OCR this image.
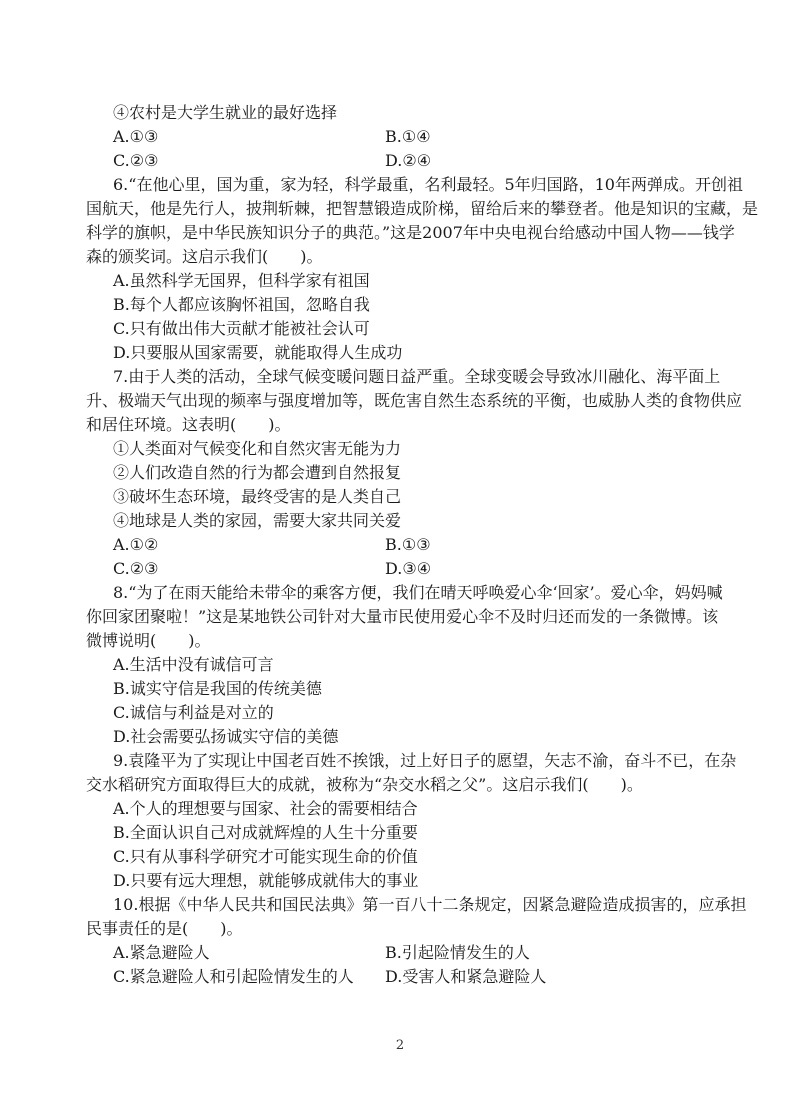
④农村是大学生就业的最好选择
A.①③	B.①④
C.②③	D.②④
6.“在他心里，国为重，家为轻，科学最重，名利最轻。5年归国路，10年两弹成。开创祖
国航天，他是先行人，披荆斩棘，把智慧锻造成阶梯，留给后来的攀登者。他是知识的宝藏，是
科学的旗帜，是中华民族知识分子的典范。”这是2007年中央电视台给感动中国人物——钱学
森的颁奖词。这启示我们(　　)。
A.虽然科学无国界，但科学家有祖国
B.每个人都应该胸怀祖国，忽略自我
C.只有做出伟大贡献才能被社会认可
D.只要服从国家需要，就能取得人生成功
7.由于人类的活动，全球气候变暖问题日益严重。全球变暖会导致冰川融化、海平面上
升、极端天气出现的频率与强度增加等，既危害自然生态系统的平衡，也威胁人类的食物供应
和居住环境。这表明(　　)。
①人类面对气候变化和自然灾害无能为力
②人们改造自然的行为都会遭到自然报复
③破坏生态环境，最终受害的是人类自己
④地球是人类的家园，需要大家共同关爱
A.①②	B.①③
C.②③	D.③④
8.“为了在雨天能给未带伞的乘客方便，我们在晴天呼唤爱心伞‘回家’。爱心伞，妈妈喊
你回家团聚啦！”这是某地铁公司针对大量市民使用爱心伞不及时归还而发的一条微博。该
微博说明(　　)。
A.生活中没有诚信可言
B.诚实守信是我国的传统美德
C.诚信与利益是对立的
D.社会需要弘扬诚实守信的美德
9.袁隆平为了实现让中国老百姓不挨饿，过上好日子的愿望，矢志不渝，奋斗不已，在杂
交水稻研究方面取得巨大的成就，被称为“杂交水稻之父”。这启示我们(　　)。
A.个人的理想要与国家、社会的需要相结合
B.全面认识自己对成就辉煌的人生十分重要
C.只有从事科学研究才可能实现生命的价值
D.只要有远大理想，就能够成就伟大的事业
10.根据《中华人民共和国民法典》第一百八十二条规定，因紧急避险造成损害的，应承担
民事责任的是(　　)。
A.紧急避险人	B.引起险情发生的人
C.紧急避险人和引起险情发生的人 D.受害人和紧急避险人
2
